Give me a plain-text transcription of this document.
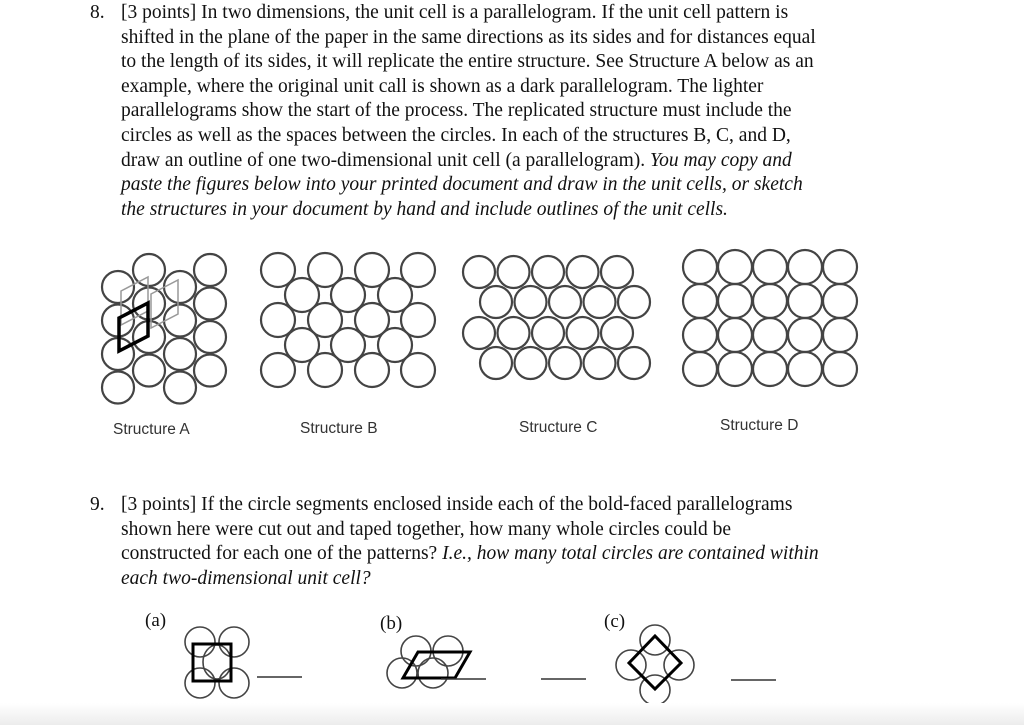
8. [3 points] In two dimensions, the unit cell is a parallelogram. If the unit cell pattern is
shifted in the plane of the paper in the same directions as its sides and for distances equal
to the length of its sides, it will replicate the entire structure. See Structure A below as an
example, where the original unit call is shown as a dark parallelogram. The lighter
parallelograms show the start of the process. The replicated structure must include the
circles as well as the spaces between the circles. In each of the structures B, C, and D,
draw an outline of one two-dimensional unit cell (a parallelogram). You may copy and
paste the figures below into your printed document and draw in the unit cells, or sketch
the structures in your document by hand and include outlines of the unit cells.
Structure A	Structure B	Structure C	Structure D
9. [3 points] If the circle segments enclosed inside each of the bold-faced parallelograms
shown here were cut out and taped together, how many whole circles could be
constructed for each one of the patterns? I.e., how many total circles are contained within
each two-dimensional unit cell?
(a)	(b)	(c)
